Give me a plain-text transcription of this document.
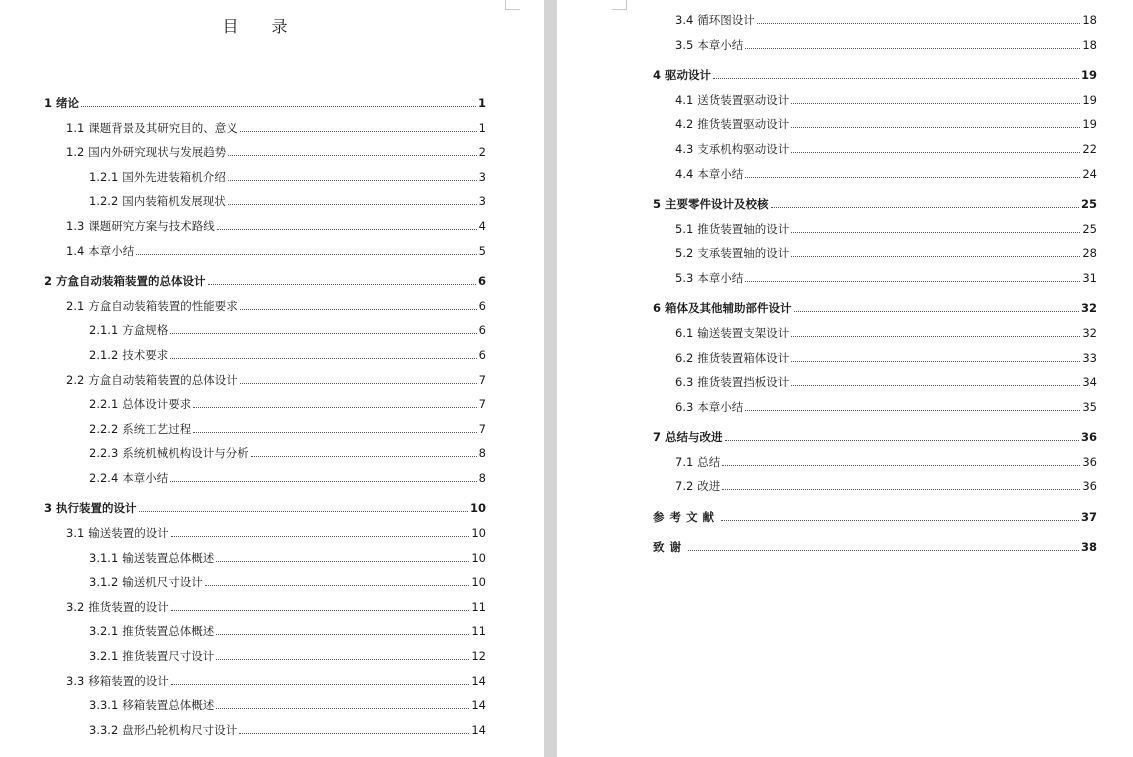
目 录
1 绪论	1
1.1 课题背景及其研究目的、意义	1
1.2 国内外研究现状与发展趋势	2
1.2.1 国外先进装箱机介绍	3
1.2.2 国内装箱机发展现状	3
1.3 课题研究方案与技术路线	4
1.4 本章小结	5
2 方盒自动装箱装置的总体设计	6
2.1 方盒自动装箱装置的性能要求	6
2.1.1 方盒规格	6
2.1.2 技术要求	6
2.2 方盒自动装箱装置的总体设计	7
2.2.1 总体设计要求	7
2.2.2 系统工艺过程	7
2.2.3 系统机械机构设计与分析	8
2.2.4 本章小结	8
3 执行装置的设计	10
3.1 输送装置的设计	10
3.1.1 输送装置总体概述	10
3.1.2 输送机尺寸设计	10
3.2 推货装置的设计	11
3.2.1 推货装置总体概述	11
3.2.1 推货装置尺寸设计	12
3.3 移箱装置的设计	14
3.3.1 移箱装置总体概述	14
3.3.2 盘形凸轮机构尺寸设计	14
3.4 循环图设计	18
3.5 本章小结	18
4 驱动设计	19
4.1 送货装置驱动设计	19
4.2 推货装置驱动设计	19
4.3 支承机构驱动设计	22
4.4 本章小结	24
5 主要零件设计及校核	25
5.1 推货装置轴的设计	25
5.2 支承装置轴的设计	28
5.3 本章小结	31
6 箱体及其他辅助部件设计	32
6.1 输送装置支架设计	32
6.2 推货装置箱体设计	33
6.3 推货装置挡板设计	34
6.3 本章小结	35
7 总结与改进	36
7.1 总结	36
7.2 改进	36
参考文献	37
致谢	38
